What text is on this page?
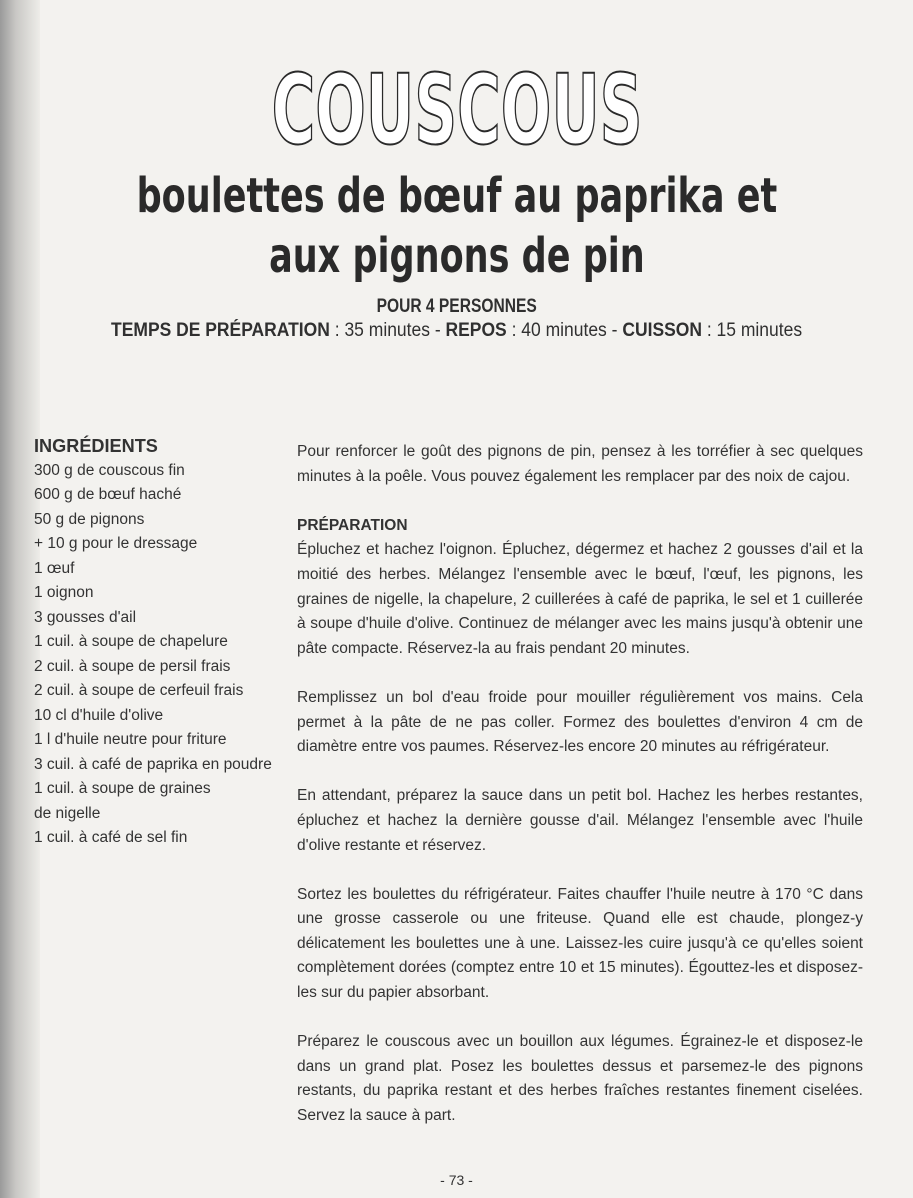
COUSCOUS
boulettes de bœuf au paprika et aux pignons de pin
POUR 4 PERSONNES
TEMPS DE PRÉPARATION : 35 minutes - REPOS : 40 minutes - CUISSON : 15 minutes
INGRÉDIENTS
300 g de couscous fin
600 g de bœuf haché
50 g de pignons
+ 10 g pour le dressage
1 œuf
1 oignon
3 gousses d'ail
1 cuil. à soupe de chapelure
2 cuil. à soupe de persil frais
2 cuil. à soupe de cerfeuil frais
10 cl d'huile d'olive
1 l d'huile neutre pour friture
3 cuil. à café de paprika en poudre
1 cuil. à soupe de graines
de nigelle
1 cuil. à café de sel fin

Pour renforcer le goût des pignons de pin, pensez à les torréfier à sec quelques minutes à la poêle. Vous pouvez également les remplacer par des noix de cajou.

PRÉPARATION

Épluchez et hachez l'oignon. Épluchez, dégermez et hachez 2 gousses d'ail et la moitié des herbes. Mélangez l'ensemble avec le bœuf, l'œuf, les pignons, les graines de nigelle, la chapelure, 2 cuillerées à café de paprika, le sel et 1 cuillerée à soupe d'huile d'olive. Continuez de mélanger avec les mains jusqu'à obtenir une pâte compacte. Réservez-la au frais pendant 20 minutes.

Remplissez un bol d'eau froide pour mouiller régulièrement vos mains. Cela permet à la pâte de ne pas coller. Formez des boulettes d'environ 4 cm de diamètre entre vos paumes. Réservez-les encore 20 minutes au réfrigérateur.

En attendant, préparez la sauce dans un petit bol. Hachez les herbes restantes, épluchez et hachez la dernière gousse d'ail. Mélangez l'ensemble avec l'huile d'olive restante et réservez.

Sortez les boulettes du réfrigérateur. Faites chauffer l'huile neutre à 170 °C dans une grosse casserole ou une friteuse. Quand elle est chaude, plongez-y délicatement les boulettes une à une. Laissez-les cuire jusqu'à ce qu'elles soient complètement dorées (comptez entre 10 et 15 minutes). Égouttez-les et disposez-les sur du papier absorbant.

Préparez le couscous avec un bouillon aux légumes. Égrainez-le et disposez-le dans un grand plat. Posez les boulettes dessus et parsemez-le des pignons restants, du paprika restant et des herbes fraîches restantes finement ciselées. Servez la sauce à part.

- 73 -
